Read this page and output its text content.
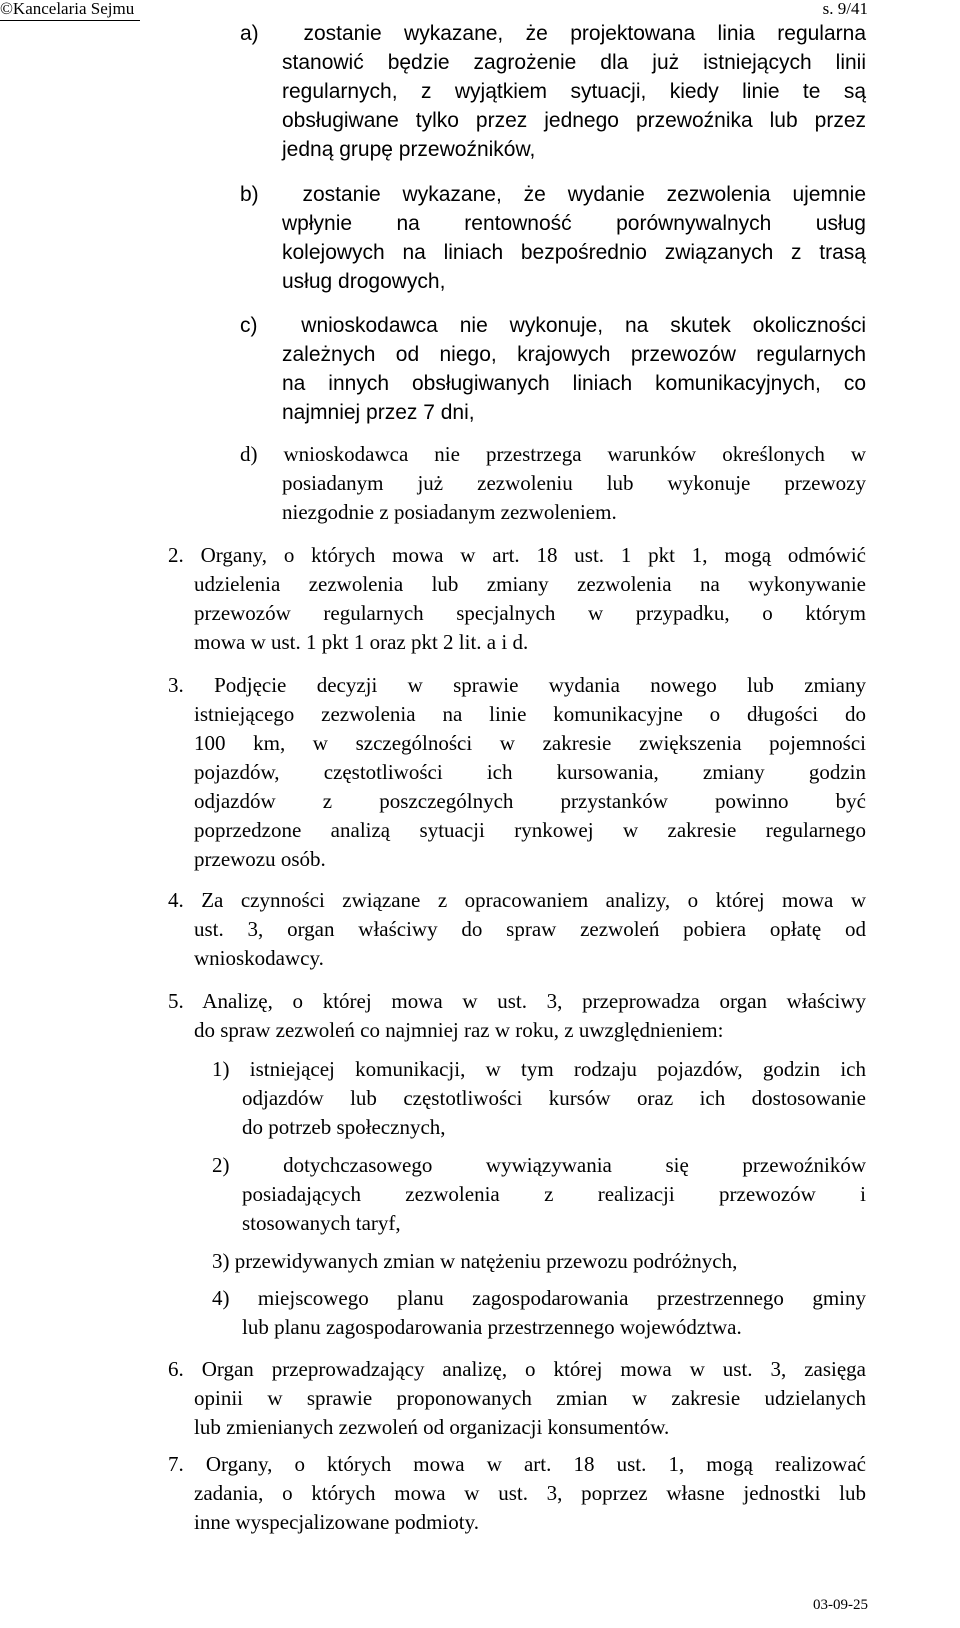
©Kancelaria Sejmu	s. 9/41
a)  zostanie wykazane, że projektowana linia regularna
stanowić będzie zagrożenie dla już istniejących linii
regularnych, z wyjątkiem sytuacji, kiedy linie te są
obsługiwane tylko przez jednego przewoźnika lub przez
jedną grupę przewoźników,
b)  zostanie wykazane, że wydanie zezwolenia ujemnie
wpłynie na rentowność porównywalnych usług
kolejowych na liniach bezpośrednio związanych z trasą
usług drogowych,
c)  wnioskodawca nie wykonuje, na skutek okoliczności
zależnych od niego, krajowych przewozów regularnych
na innych obsługiwanych liniach komunikacyjnych, co
najmniej przez 7 dni,
d) wnioskodawca nie przestrzega warunków określonych w
posiadanym już zezwoleniu lub wykonuje przewozy
niezgodnie z posiadanym zezwoleniem.
2. Organy, o których mowa w art. 18 ust. 1 pkt 1, mogą odmówić
udzielenia zezwolenia lub zmiany zezwolenia na wykonywanie
przewozów regularnych specjalnych w przypadku, o którym
mowa w ust. 1 pkt 1 oraz pkt 2 lit. a i d.
3. Podjęcie decyzji w sprawie wydania nowego lub zmiany
istniejącego zezwolenia na linie komunikacyjne o długości do
100 km, w szczególności w zakresie zwiększenia pojemności
pojazdów, częstotliwości ich kursowania, zmiany godzin
odjazdów z poszczególnych przystanków powinno być
poprzedzone analizą sytuacji rynkowej w zakresie regularnego
przewozu osób.
4. Za czynności związane z opracowaniem analizy, o której mowa w
ust. 3, organ właściwy do spraw zezwoleń pobiera opłatę od
wnioskodawcy.
5. Analizę, o której mowa w ust. 3, przeprowadza organ właściwy
do spraw zezwoleń co najmniej raz w roku, z uwzględnieniem:
1) istniejącej komunikacji, w tym rodzaju pojazdów, godzin ich
odjazdów lub częstotliwości kursów oraz ich dostosowanie
do potrzeb społecznych,
2) dotychczasowego wywiązywania się przewoźników
posiadających zezwolenia z realizacji przewozów i
stosowanych taryf,
3) przewidywanych zmian w natężeniu przewozu podróżnych,
4) miejscowego planu zagospodarowania przestrzennego gminy
lub planu zagospodarowania przestrzennego województwa.
6. Organ przeprowadzający analizę, o której mowa w ust. 3, zasięga
opinii w sprawie proponowanych zmian w zakresie udzielanych
lub zmienianych zezwoleń od organizacji konsumentów.
7. Organy, o których mowa w art. 18 ust. 1, mogą realizować
zadania, o których mowa w ust. 3, poprzez własne jednostki lub
inne wyspecjalizowane podmioty.
03-09-25
